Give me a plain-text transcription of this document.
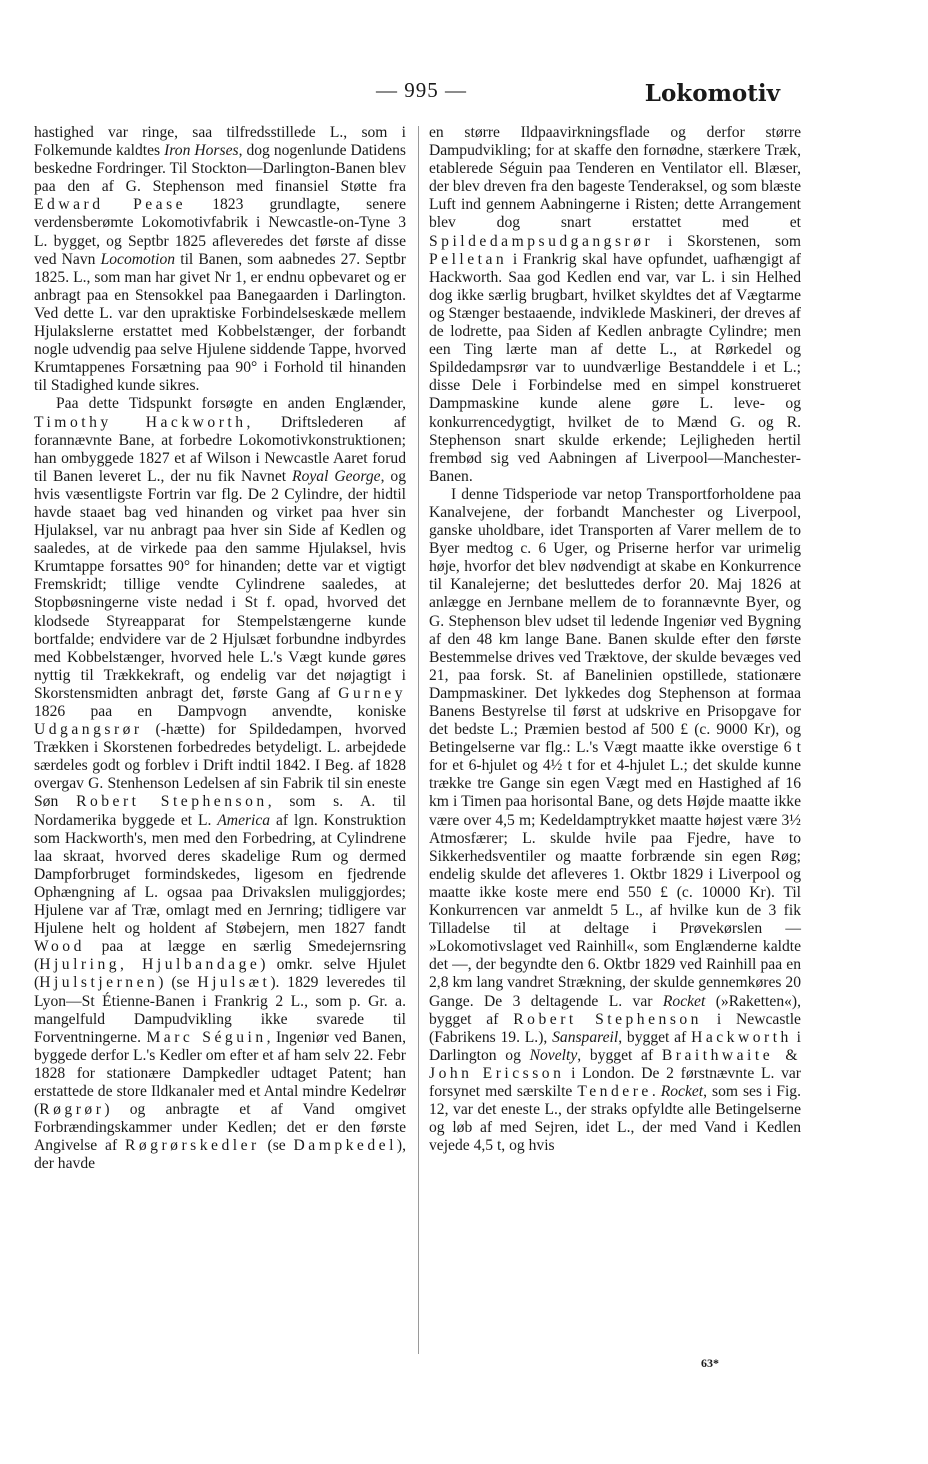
— 995 —	Lokomotiv

hastighed var ringe, saa tilfredsstillede L., som i Folkemunde kaldtes Iron Horses, dog nogenlunde Datidens beskedne Fordringer. Til Stockton—Darlington-Banen blev paa den af G. Stephenson med finansiel Støtte fra Edward Pease 1823 grundlagte, senere verdensberømte Lokomotivfabrik i Newcastle-on-Tyne 3 L. bygget, og Septbr 1825 afleveredes det første af disse ved Navn Locomotion til Banen, som aabnedes 27. Septbr 1825. L., som man har givet Nr 1, er endnu opbevaret og er anbragt paa en Stensokkel paa Banegaarden i Darlington. Ved dette L. var den upraktiske Forbindelseskæde mellem Hjulakslerne erstattet med Kobbelstænger, der forbandt nogle udvendig paa selve Hjulene siddende Tappe, hvorved Krumtappenes Forsætning paa 90° i Forhold til hinanden til Stadighed kunde sikres.

Paa dette Tidspunkt forsøgte en anden Englænder, Timothy Hackworth, Driftslederen af forannævnte Bane, at forbedre Lokomotivkonstruktionen; han ombyggede 1827 et af Wilson i Newcastle Aaret forud til Banen leveret L., der nu fik Navnet Royal George, og hvis væsentligste Fortrin var flg. De 2 Cylindre, der hidtil havde staaet bag ved hinanden og virket paa hver sin Hjulaksel, var nu anbragt paa hver sin Side af Kedlen og saaledes, at de virkede paa den samme Hjulaksel, hvis Krumtappe forsattes 90° for hinanden; dette var et vigtigt Fremskridt; tillige vendte Cylindrene saaledes, at Stopbøsningerne viste nedad i St f. opad, hvorved det klodsede Styreapparat for Stempelstængerne kunde bortfalde; endvidere var de 2 Hjulsæt forbundne indbyrdes med Kobbelstænger, hvorved hele L.'s Vægt kunde gøres nyttig til Trækkekraft, og endelig var det nøjagtigt i Skorstensmidten anbragt det, første Gang af Gurney 1826 paa en Dampvogn anvendte, koniske Udgangsrør (-hætte) for Spildedampen, hvorved Trækken i Skorstenen forbedredes betydeligt. L. arbejdede særdeles godt og forblev i Drift indtil 1842. I Beg. af 1828 overgav G. Stenhenson Ledelsen af sin Fabrik til sin eneste Søn Robert Stephenson, som s. A. til Nordamerika byggede et L. America af lgn. Konstruktion som Hackworth's, men med den Forbedring, at Cylindrene laa skraat, hvorved deres skadelige Rum og dermed Dampforbruget formindskedes, ligesom en fjedrende Ophængning af L. ogsaa paa Drivakslen muliggjordes; Hjulene var af Træ, omlagt med en Jernring; tidligere var Hjulene helt og holdent af Støbejern, men 1827 fandt Wood paa at lægge en særlig Smedejernsring (Hjulring, Hjulbandage) omkr. selve Hjulet (Hjulstjernen) (se Hjulsæt). 1829 leveredes til Lyon—St Étienne-Banen i Frankrig 2 L., som p. Gr. a. mangelfuld Dampudvikling ikke svarede til Forventningerne. Marc Séguin, Ingeniør ved Banen, byggede derfor L.'s Kedler om efter et af ham selv 22. Febr 1828 for stationære Dampkedler udtaget Patent; han erstattede de store Ildkanaler med et Antal mindre Kedelrør (Røgrør) og anbragte et af Vand omgivet Forbrændingskammer under Kedlen; det er den første Angivelse af Røgrørskedler (se Dampkedel), der havde

en større Ildpaavirkningsflade og derfor større Dampudvikling; for at skaffe den fornødne, stærkere Træk, etablerede Séguin paa Tenderen en Ventilator ell. Blæser, der blev dreven fra den bageste Tenderaksel, og som blæste Luft ind gennem Aabningerne i Risten; dette Arrangement blev dog snart erstattet med et Spildedampsudgangsrør i Skorstenen, som Pelletan i Frankrig skal have opfundet, uafhængigt af Hackworth. Saa god Kedlen end var, var L. i sin Helhed dog ikke særlig brugbart, hvilket skyldtes det af Vægtarme og Stænger bestaaende, indviklede Maskineri, der dreves af de lodrette, paa Siden af Kedlen anbragte Cylindre; men een Ting lærte man af dette L., at Rørkedel og Spildedampsrør var to uundværlige Bestanddele i et L.; disse Dele i Forbindelse med en simpel konstrueret Dampmaskine kunde alene gøre L. leve- og konkurrencedygtigt, hvilket de to Mænd G. og R. Stephenson snart skulde erkende; Lejligheden hertil frembød sig ved Aabningen af Liverpool—Manchester-Banen.

I denne Tidsperiode var netop Transportforholdene paa Kanalvejene, der forbandt Manchester og Liverpool, ganske uholdbare, idet Transporten af Varer mellem de to Byer medtog c. 6 Uger, og Priserne herfor var urimelig høje, hvorfor det blev nødvendigt at skabe en Konkurrence til Kanalejerne; det besluttedes derfor 20. Maj 1826 at anlægge en Jernbane mellem de to forannævnte Byer, og G. Stephenson blev udset til ledende Ingeniør ved Bygning af den 48 km lange Bane. Banen skulde efter den første Bestemmelse drives ved Træktove, der skulde bevæges ved 21, paa forsk. St. af Banelinien opstillede, stationære Dampmaskiner. Det lykkedes dog Stephenson at formaa Banens Bestyrelse til først at udskrive en Prisopgave for det bedste L.; Præmien bestod af 500 £ (c. 9000 Kr), og Betingelserne var flg.: L.'s Vægt maatte ikke overstige 6 t for et 6-hjulet og 4½ t for et 4-hjulet L.; det skulde kunne trække tre Gange sin egen Vægt med en Hastighed af 16 km i Timen paa horisontal Bane, og dets Højde maatte ikke være over 4,5 m; Kedeldamptrykket maatte højest være 3½ Atmosfærer; L. skulde hvile paa Fjedre, have to Sikkerhedsventiler og maatte forbrænde sin egen Røg; endelig skulde det afleveres 1. Oktbr 1829 i Liverpool og maatte ikke koste mere end 550 £ (c. 10000 Kr). Til Konkurrencen var anmeldt 5 L., af hvilke kun de 3 fik Tilladelse til at deltage i Prøvekørslen — »Lokomotivslaget ved Rainhill«, som Englænderne kaldte det —, der begyndte den 6. Oktbr 1829 ved Rainhill paa en 2,8 km lang vandret Strækning, der skulde gennemkøres 20 Gange. De 3 deltagende L. var Rocket (»Raketten«), bygget af Robert Stephenson i Newcastle (Fabrikens 19. L.), Sanspareil, bygget af Hackworth i Darlington og Novelty, bygget af Braithwaite & John Ericsson i London. De 2 førstnævnte L. var forsynet med særskilte Tendere. Rocket, som ses i Fig. 12, var det eneste L., der straks opfyldte alle Betingelserne og løb af med Sejren, idet L., der med Vand i Kedlen vejede 4,5 t, og hvis

63*
